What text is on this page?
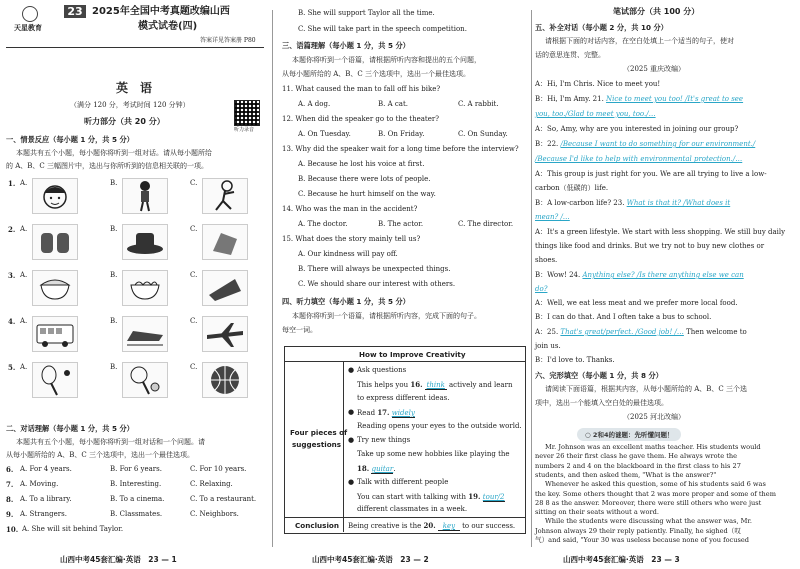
天星教育
23 2025年全国中考真题改编山西
模式试卷(四)
答案详见答案册 P80
英　语
（满分 120 分，考试时间 120 分钟）
听力部分（共 20 分）
听力录音
一、情景反应（每小题 1 分，共 5 分）
本题共有五个小题，每小题你将听到一组对话。请从每小题所给
的 A、B、C 三幅图片中，选出与你所听到的信息相关联的一项。
1. A.	B.	C.
2. A.	B.	C.
3. A.	B.	C.
4. A.	B.	C.
5. A.	B.	C.
二、对话理解（每小题 1 分，共 5 分）
本题共有五个小题，每小题你将听到一组对话和一个问题。请
从每小题所给的 A、B、C 三个选项中，选出一个最佳选项。
6. A. For 4 years.	B. For 6 years.	C. For 10 years.
7. A. Moving.	B. Interesting.	C. Relaxing.
8. A. To a library.	B. To a cinema.	C. To a restaurant.
9. A. Strangers.	B. Classmates.	C. Neighbors.
10. A. She will sit behind Taylor.
山西中考45套汇编·英语　23 — 1
B. She will support Taylor all the time.
C. She will take part in the speech competition.
三、语篇理解（每小题 1 分，共 5 分）
本题你将听到一个语篇，请根据所听内容和提出的五个问题，
从每小题所给的 A、B、C 三个选项中，选出一个最佳选项。
11. What caused the man to fall off his bike?
A. A dog.	B. A cat.	C. A rabbit.
12. When did the speaker go to the theater?
A. On Tuesday.	B. On Friday.	C. On Sunday.
13. Why did the speaker wait for a long time before the interview?
A. Because he lost his voice at first.
B. Because there were lots of people.
C. Because he hurt himself on the way.
14. Who was the man in the accident?
A. The doctor.	B. The actor.	C. The director.
15. What does the story mainly tell us?
A. Our kindness will pay off.
B. There will always be unexpected things.
C. We should share our interest with others.
四、听力填空（每小题 1 分，共 5 分）
本题你将听到一个语篇，请根据所听内容，完成下面的句子。
每空一词。
How to Improve Creativity
Four pieces of
suggestions
● Ask questions
This helps you 16. think actively and learn
to express different ideas.
● Read 17. widely
Reading opens your eyes to the outside world.
● Try new things
Take up some new hobbies like playing the
18. guitar.
● Talk with different people
You can start with talking with 19. tour/2
different classmates in a week.
Conclusion Being creative is the 20. key to our success.
山西中考45套汇编·英语　23 — 2
笔试部分（共 100 分）
五、补全对话（每小题 2 分，共 10 分）
请根据下面的对话内容，在空白处填上一个适当的句子，使对
话的意思连贯、完整。
（2025 重庆改编）
A：Hi, I'm Chris. Nice to meet you!
B：Hi, I'm Amy. 21. Nice to meet you too! /It's great to see
you, too./Glad to meet you, too./…
A：So, Amy, why are you interested in joining our group?
B：22. /Because I want to do something for our environment./
/Because I'd like to help with environmental protection./…
A：This group is just right for you. We are all trying to live a low-
carbon（低碳的）life.
B：A low-carbon life? 23. What is that it? /What does it
mean? /…
A：It's a green lifestyle. We start with less shopping. We still buy daily
things like food and drinks. But we try not to buy new clothes or
shoes.
B：Wow! 24. Anything else? /Is there anything else we can
do?
A：Well, we eat less meat and we prefer more local food.
B：I can do that. And I often take a bus to school.
A：25. That's great/perfect. /Good job! /… Then welcome to
join us.
B：I'd love to. Thanks.
六、完形填空（每小题 1 分，共 8 分）
请阅读下面语篇，根据其内容，从每小题所给的 A、B、C 三个选
项中，选出一个能填入空白处的最佳选项。
（2025 河北改编）
○ 2和4的谜题：先听懂问题！
Mr. Johnson was an excellent maths teacher. His students would
never 26 their first class he gave them. He always wrote the
numbers 2 and 4 on the blackboard in the first class to his 27
students, and then asked them, "What is the answer?"
Whenever he asked this question, some of his students said 6 was
the key. Some others thought that 2 was more proper and some of them
28 8 as the answer. Moreover, there were still others who were just
sitting on their seats without a word.
While the students were discussing what the answer was, Mr.
Johnson always 29 their reply patiently. Finally, he sighed（叹
气）and said, "Your 30 was useless because none of you focused
山西中考45套汇编·英语　23 — 3
